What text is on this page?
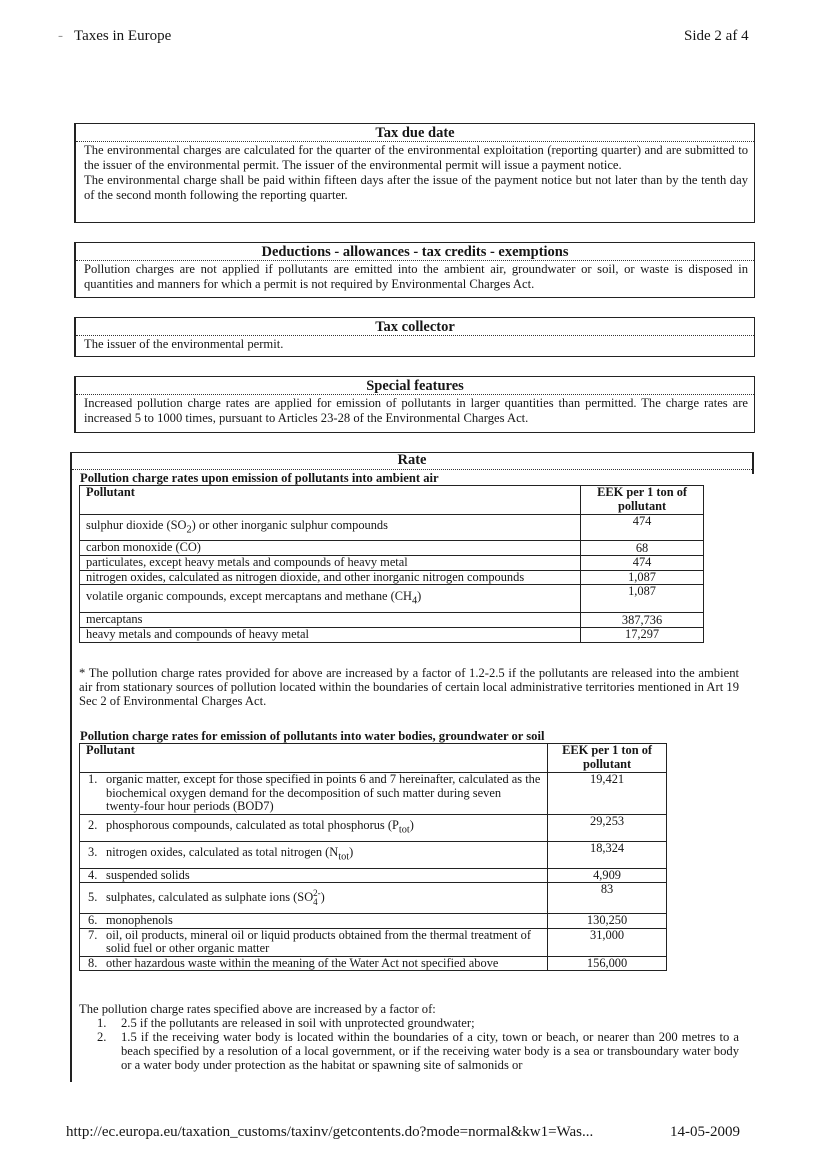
- Taxes in Europe	Side 2 af 4
Tax due date

The environmental charges are calculated for the quarter of the environmental exploitation (reporting quarter) and are submitted to the issuer of the environmental permit. The issuer of the environmental permit will issue a payment notice.

The environmental charge shall be paid within fifteen days after the issue of the payment notice but not later than by the tenth day of the second month following the reporting quarter.

Deductions - allowances - tax credits - exemptions

Pollution charges are not applied if pollutants are emitted into the ambient air, groundwater or soil, or waste is disposed in quantities and manners for which a permit is not required by Environmental Charges Act.

Tax collector

The issuer of the environmental permit.

Special features

Increased pollution charge rates are applied for emission of pollutants in larger quantities than permitted. The charge rates are increased 5 to 1000 times, pursuant to Articles 23-28 of the Environmental Charges Act.

Rate
Pollution charge rates upon emission of pollutants into ambient air
Pollutant	EEK per 1 ton of pollutant
sulphur dioxide $(SO_2)$ or other inorganic sulphur compounds	474
carbon monoxide (CO)	68
particulates, except heavy metals and compounds of heavy metal	474
nitrogen oxides, calculated as nitrogen dioxide, and other inorganic nitrogen compounds	1,087
volatile organic compounds, except mercaptans and methane $(CH_4)$	1,087
mercaptans	387,736
heavy metals and compounds of heavy metal	17,297
* The pollution charge rates provided for above are increased by a factor of 1.2-2.5 if the pollutants are released into the ambient air from stationary sources of pollution located within the boundaries of certain local administrative territories mentioned in Art 19 Sec 2 of Environmental Charges Act.
Pollution charge rates for emission of pollutants into water bodies, groundwater or soil
Pollutant	EEK per 1 ton of pollutant

1. organic matter, except for those specified in points 6 and 7 hereinafter, calculated as the biochemical oxygen demand for the decomposition of such matter during seven twenty-four hour periods (BOD7)	19,421
2. phosphorous compounds, calculated as total phosphorus $(P_{tot})$	29,253
3. nitrogen oxides, calculated as total nitrogen $(N_{tot})$	18,324
4. suspended solids	4,909
5. sulphates, calculated as sulphate ions (SO 2-
4 )	83
6. monophenols	130,250

7. oil, oil products, mineral oil or liquid products obtained from the thermal treatment of solid fuel or other organic matter	31,000

8. other hazardous waste within the meaning of the Water Act not specified above	156,000
The pollution charge rates specified above are increased by a factor of:
1.	2.5 if the pollutants are released in soil with unprotected groundwater;
2.	1.5 if the receiving water body is located within the boundaries of a city, town or beach, or nearer than 200 metres to a beach specified by a resolution of a local government, or if the receiving water body is a sea or transboundary water body or a water body under protection as the habitat or spawning site of salmonids or
http://ec.europa.eu/taxation_customs/taxinv/getcontents.do?mode=normal&kw1=Was...	14-05-2009
